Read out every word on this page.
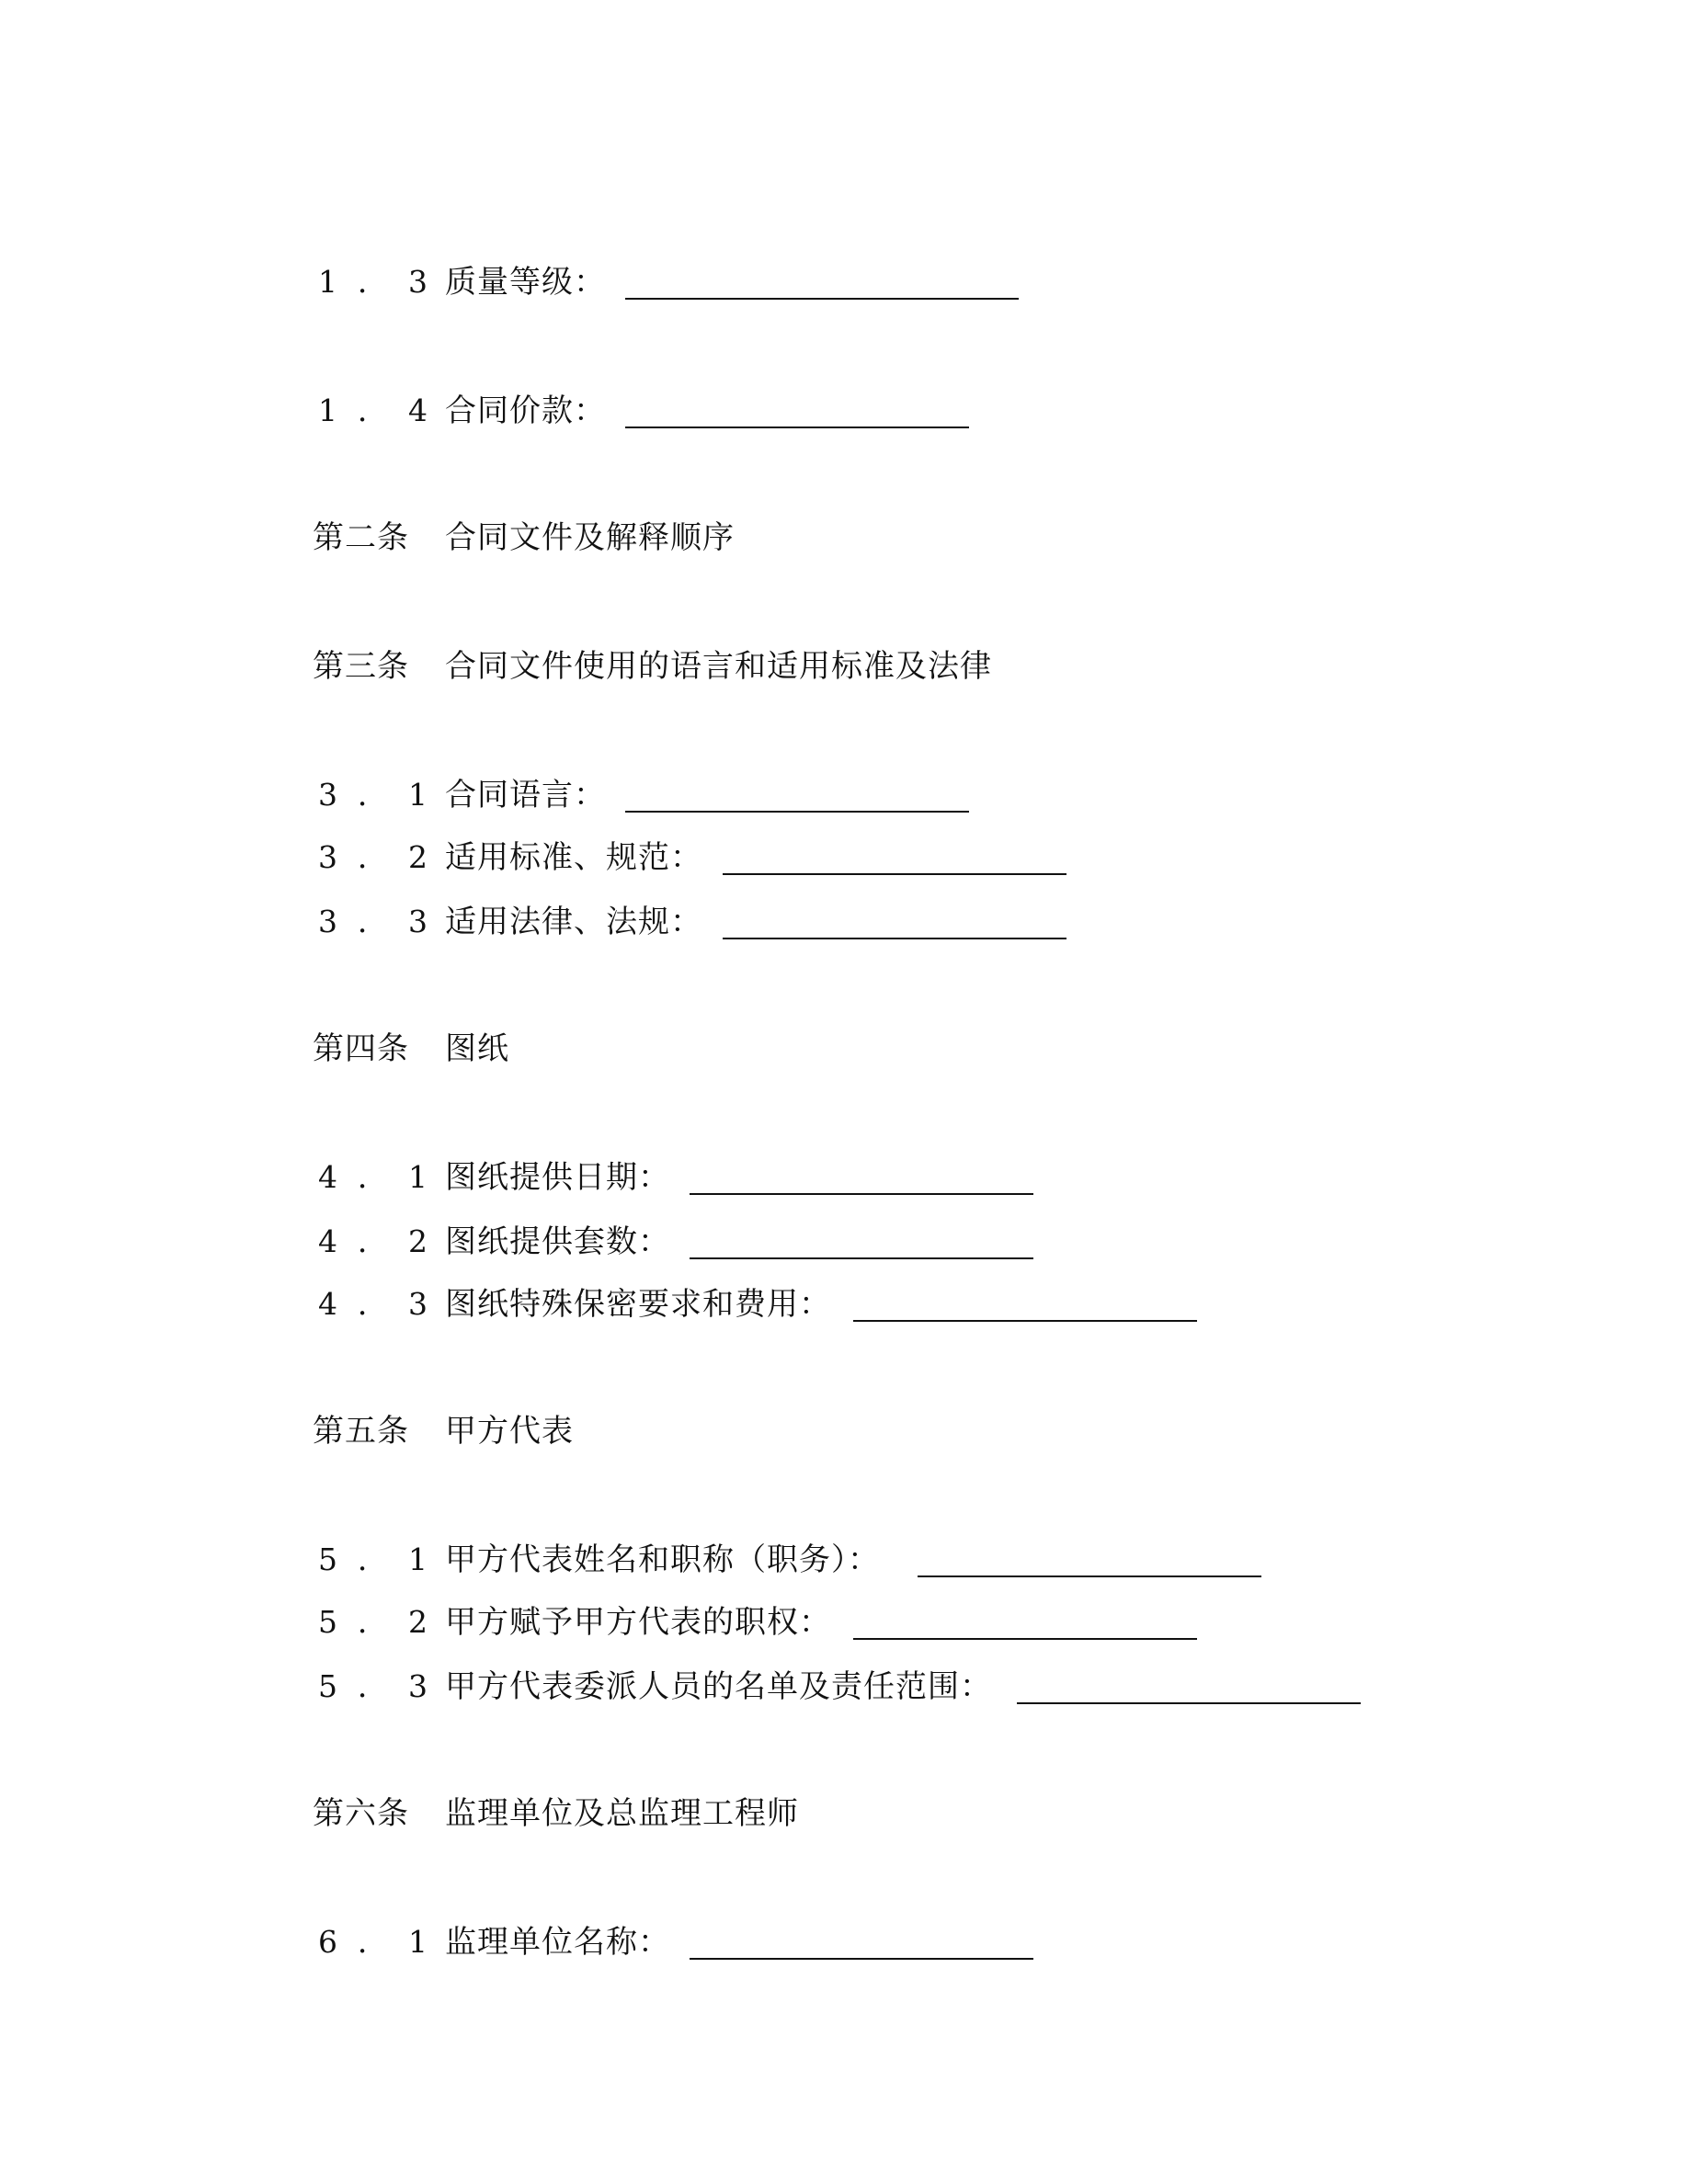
1．3
质量等级：
1．4
合同价款：
第二条 合同文件及解释顺序
第三条 合同文件使用的语言和适用标准及法律
3．1
合同语言：
3．2
适用标准、规范：
3．3
适用法律、法规：
第四条 图纸
4．1
图纸提供日期：
4．2
图纸提供套数：
4．3
图纸特殊保密要求和费用：
第五条 甲方代表
5．1
甲方代表姓名和职称（职务）：
5．2
甲方赋予甲方代表的职权：
5．3
甲方代表委派人员的名单及责任范围：
第六条 监理单位及总监理工程师
6．1
监理单位名称：
